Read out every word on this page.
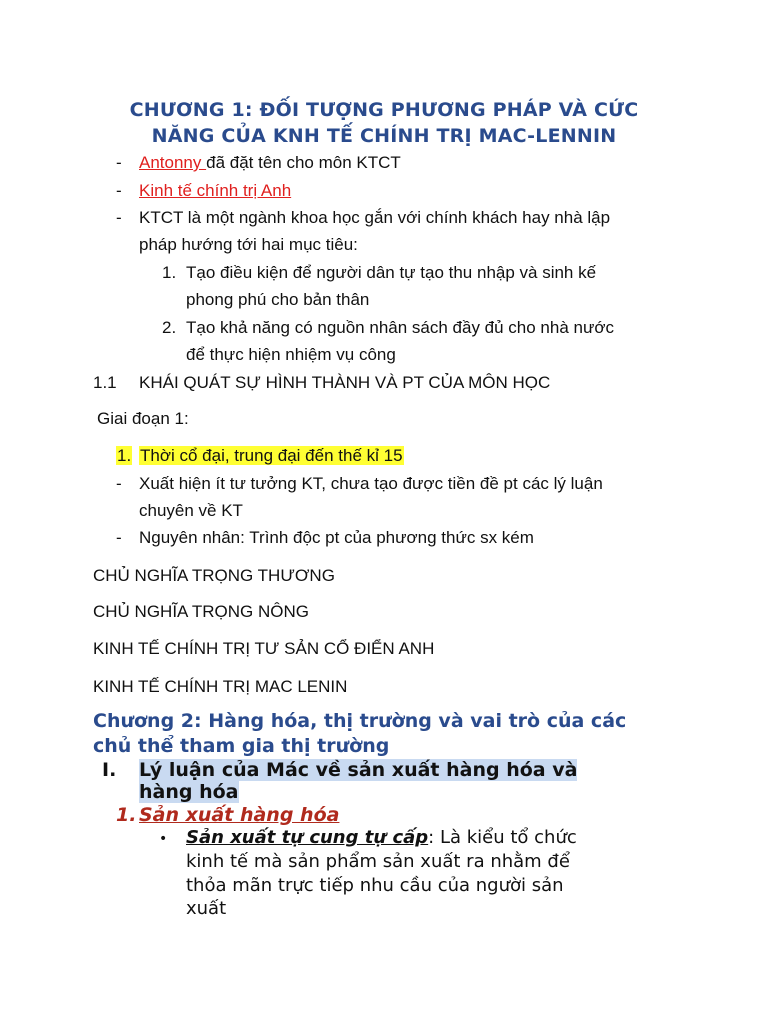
CHƯƠNG 1: ĐỐI TƯỢNG PHƯƠNG PHÁP VÀ CỨC
NĂNG CỦA KNH TẾ CHÍNH TRỊ MAC-LENNIN
- Antonny đã đặt tên cho môn KTCT
- Kinh tế chính trị Anh
- KTCT là một ngành khoa học gắn với chính khách hay nhà lập
pháp hướng tới hai mục tiêu:
1. Tạo điều kiện để người dân tự tạo thu nhập và sinh kế
phong phú cho bản thân
2. Tạo khả năng có nguồn nhân sách đầy đủ cho nhà nước
để thực hiện nhiệm vụ công
1.1 KHÁI QUÁT SỰ HÌNH THÀNH VÀ PT CỦA MÔN HỌC
Giai đoạn 1:
1. Thời cổ đại, trung đại đến thế kỉ 15
- Xuất hiện ít tư tưởng KT, chưa tạo được tiền đề pt các lý luận
chuyên về KT
- Nguyên nhân: Trình độc pt của phương thức sx kém
CHỦ NGHĨA TRỌNG THƯƠNG
CHỦ NGHĨA TRỌNG NÔNG
KINH TẾ CHÍNH TRỊ TƯ SẢN CỔ ĐIỂN ANH
KINH TẾ CHÍNH TRỊ MAC LENIN
Chương 2: Hàng hóa, thị trường và vai trò của các
chủ thể tham gia thị trường
I. Lý luận của Mác về sản xuất hàng hóa và
hàng hóa
1. Sản xuất hàng hóa
• Sản xuất tự cung tự cấp: Là kiểu tổ chức
kinh tế mà sản phẩm sản xuất ra nhằm để
thỏa mãn trực tiếp nhu cầu của người sản
xuất
